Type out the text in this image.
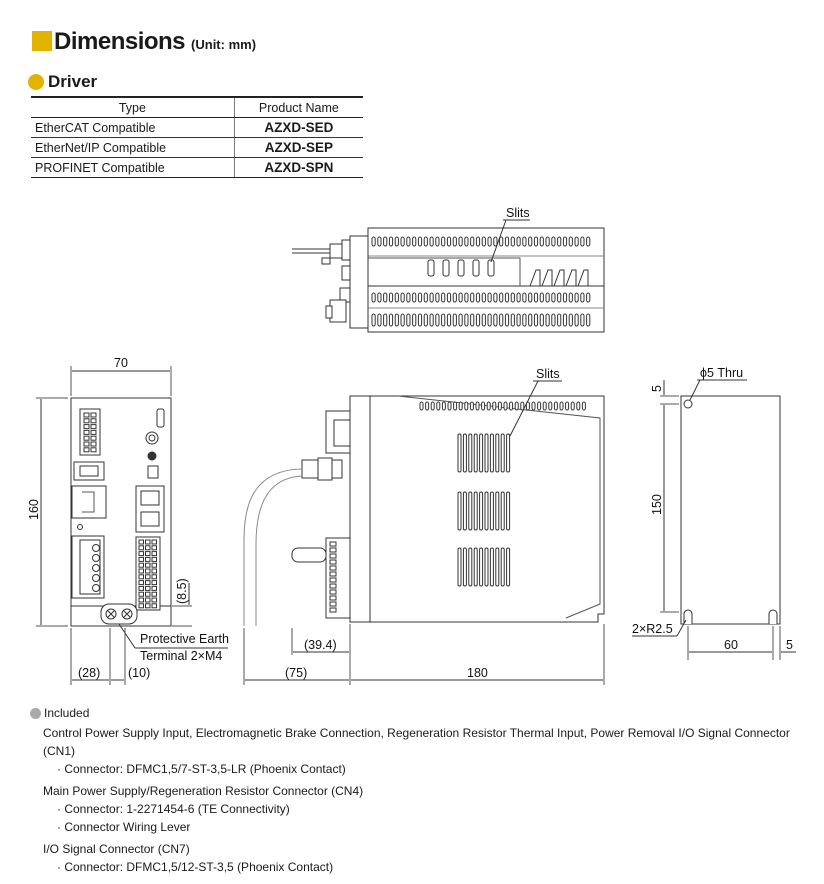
Dimensions (Unit: mm)
Driver
Type	Product Name
EtherCAT Compatible	AZXD-SED
EtherNet/IP Compatible	AZXD-SEP
PROFINET Compatible	AZXD-SPN
Slits
70
160
(8.5)
Protective Earth
Terminal 2×M4
(28) (10)
Slits
(39.4)
(75)	180
ϕ5 Thru
5
150
2×R2.5
60	5
Included
Control Power Supply Input, Electromagnetic Brake Connection, Regeneration Resistor Thermal Input, Power Removal I/O Signal Connector (CN1)
· Connector: DFMC1,5/7-ST-3,5-LR (Phoenix Contact)
Main Power Supply/Regeneration Resistor Connector (CN4)
· Connector: 1-2271454-6 (TE Connectivity)
· Connector Wiring Lever
I/O Signal Connector (CN7)
· Connector: DFMC1,5/12-ST-3,5 (Phoenix Contact)
